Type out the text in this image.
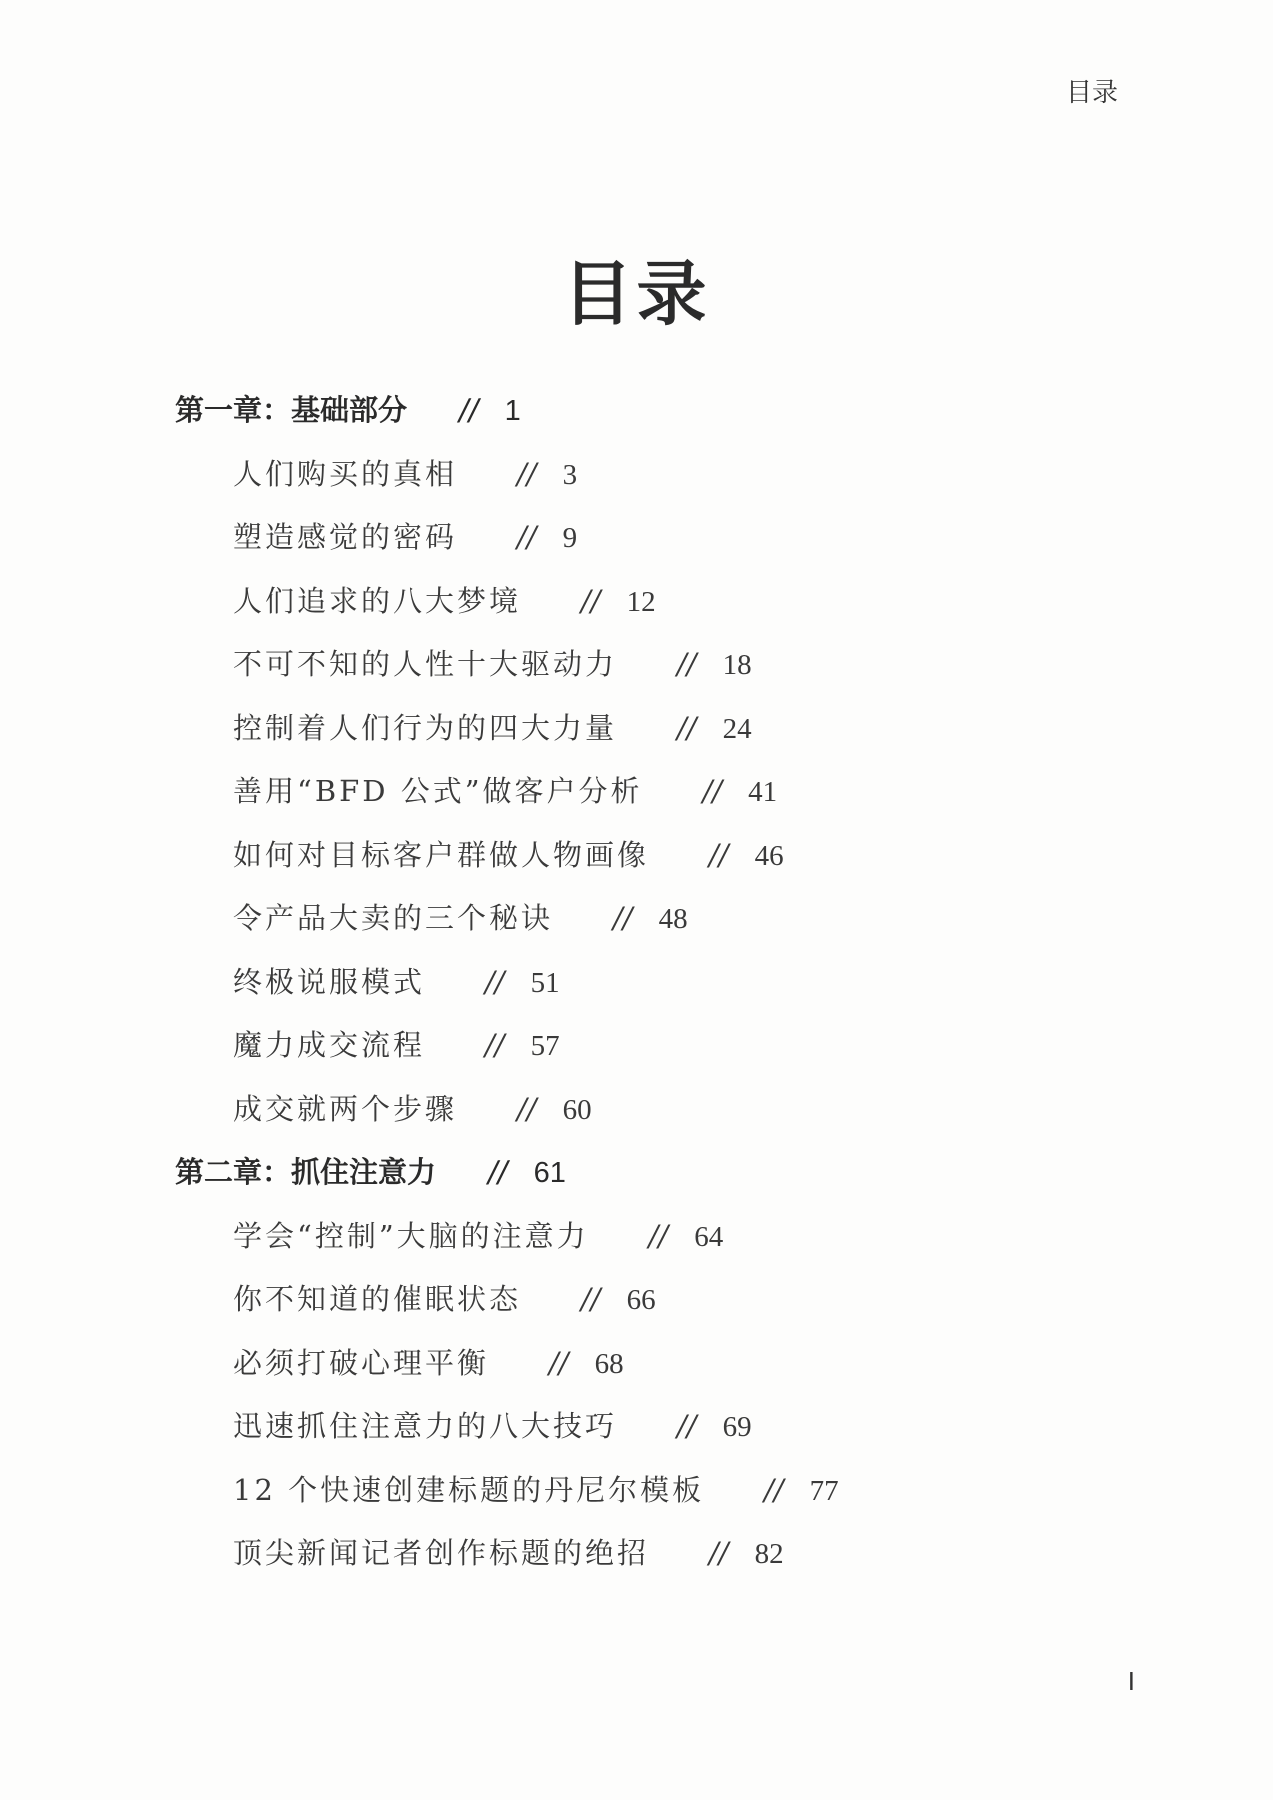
目录
目录
第一章：基础部分 // 1
人们购买的真相 // 3
塑造感觉的密码 // 9
人们追求的八大梦境 // 12
不可不知的人性十大驱动力 // 18
控制着人们行为的四大力量 // 24
善用“BFD 公式”做客户分析 // 41
如何对目标客户群做人物画像 // 46
令产品大卖的三个秘诀 // 48
终极说服模式 // 51
魔力成交流程 // 57
成交就两个步骤 // 60
第二章：抓住注意力 // 61
学会“控制”大脑的注意力 // 64
你不知道的催眠状态 // 66
必须打破心理平衡 // 68
迅速抓住注意力的八大技巧 // 69
12 个快速创建标题的丹尼尔模板 // 77
顶尖新闻记者创作标题的绝招 // 82
I
